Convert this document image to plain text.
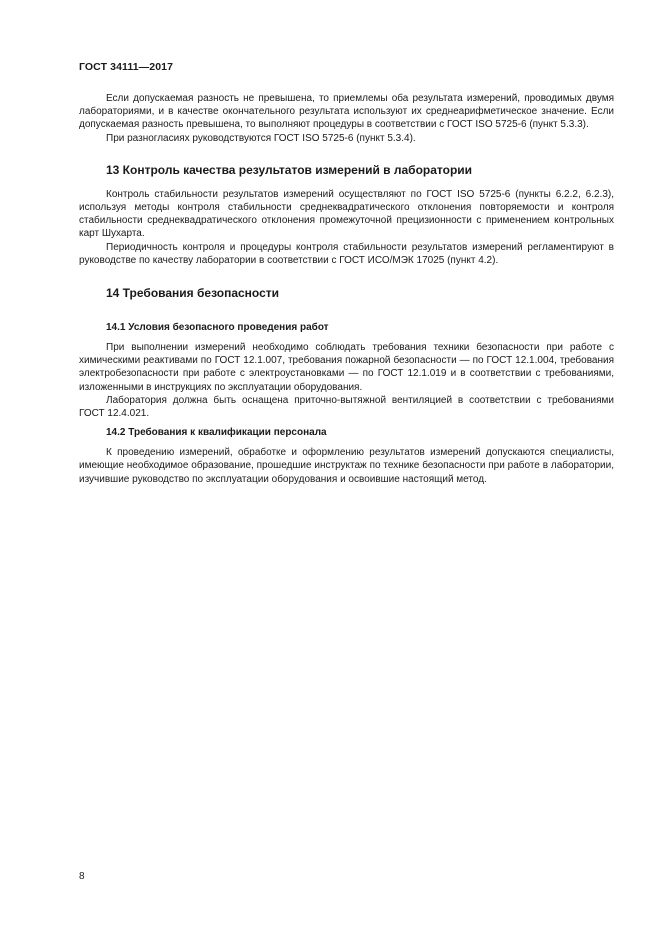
ГОСТ 34111—2017

Если допускаемая разность не превышена, то приемлемы оба результата измерений, проводимых двумя лабораториями, и в качестве окончательного результата используют их среднеарифметическое значение. Если допускаемая разность превышена, то выполняют процедуры в соответствии с ГОСТ ISO 5725-6 (пункт 5.3.3).

При разногласиях руководствуются ГОСТ ISO 5725-6 (пункт 5.3.4).

13 Контроль качества результатов измерений в лаборатории

Контроль стабильности результатов измерений осуществляют по ГОСТ ISO 5725-6 (пункты 6.2.2, 6.2.3), используя методы контроля стабильности среднеквадратического отклонения повторяемости и контроля стабильности среднеквадратического отклонения промежуточной прецизионности с применением контрольных карт Шухарта.

Периодичность контроля и процедуры контроля стабильности результатов измерений регламентируют в руководстве по качеству лаборатории в соответствии с ГОСТ ИСО/МЭК 17025 (пункт 4.2).

14 Требования безопасности
14.1 Условия безопасного проведения работ

При выполнении измерений необходимо соблюдать требования техники безопасности при работе с химическими реактивами по ГОСТ 12.1.007, требования пожарной безопасности — по ГОСТ 12.1.004, требования электробезопасности при работе с электроустановками — по ГОСТ 12.1.019 и в соответствии с требованиями, изложенными в инструкциях по эксплуатации оборудования.

Лаборатория должна быть оснащена приточно-вытяжной вентиляцией в соответствии с требованиями ГОСТ 12.4.021.

14.2 Требования к квалификации персонала

К проведению измерений, обработке и оформлению результатов измерений допускаются специалисты, имеющие необходимое образование, прошедшие инструктаж по технике безопасности при работе в лаборатории, изучившие руководство по эксплуатации оборудования и освоившие настоящий метод.

8
